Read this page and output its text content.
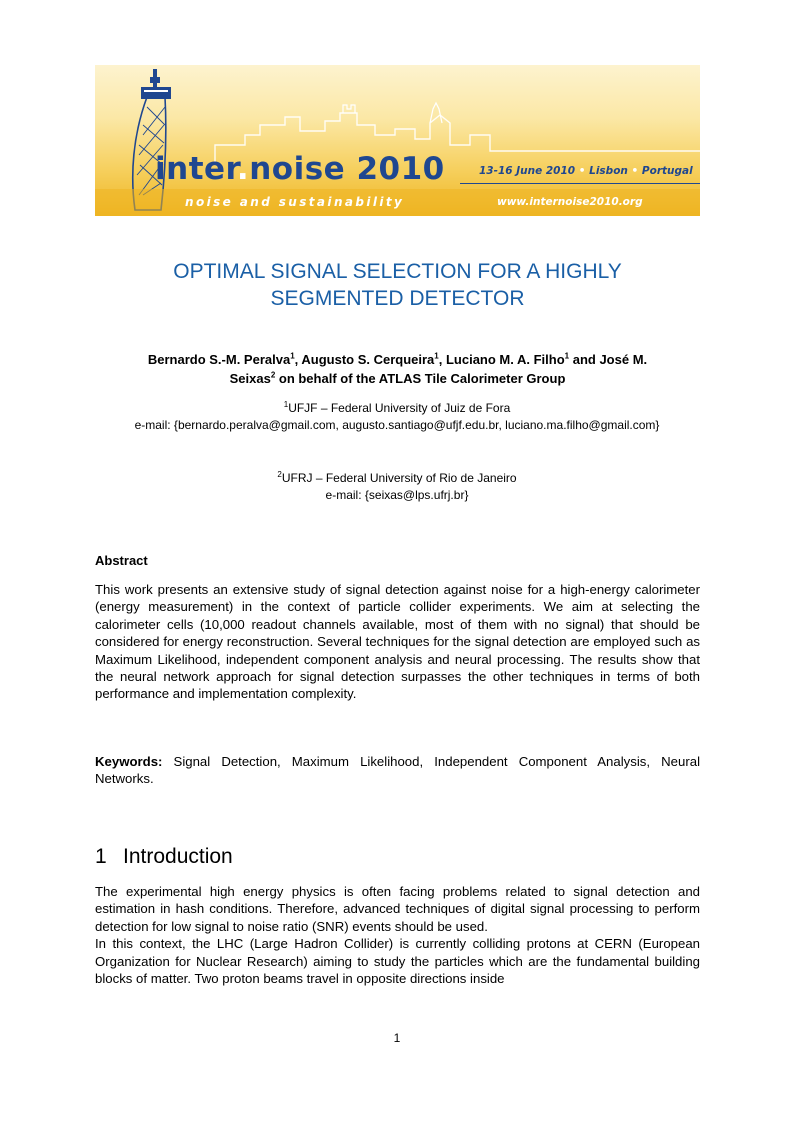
inter.noise 2010	13-16 June 2010 • Lisbon • Portugal
noise and sustainability	www.internoise2010.org
OPTIMAL SIGNAL SELECTION FOR A HIGHLY
SEGMENTED DETECTOR
Bernardo S.-M. Peralva$^1$, Augusto S. Cerqueira$^1$, Luciano M. A. Filho$^1$ and José M.
Seixas$^2$ on behalf of the ATLAS Tile Calorimeter Group
$^1$UFJF – Federal University of Juiz de Fora
e-mail: {bernardo.peralva@gmail.com, augusto.santiago@ufjf.edu.br, luciano.ma.filho@gmail.com}
$^2$UFRJ – Federal University of Rio de Janeiro
e-mail: {seixas@lps.ufrj.br}
Abstract
This work presents an extensive study of signal detection against noise for a high-energy calorimeter (energy measurement) in the context of particle collider experiments. We aim at selecting the calorimeter cells (10,000 readout channels available, most of them with no signal) that should be considered for energy reconstruction. Several techniques for the signal detection are employed such as Maximum Likelihood, independent component analysis and neural processing. The results show that the neural network approach for signal detection surpasses the other techniques in terms of both performance and implementation complexity.
Keywords: Signal Detection, Maximum Likelihood, Independent Component Analysis, Neural Networks.
1 Introduction

The experimental high energy physics is often facing problems related to signal detection and estimation in hash conditions. Therefore, advanced techniques of digital signal processing to perform detection for low signal to noise ratio (SNR) events should be used.

In this context, the LHC (Large Hadron Collider) is currently colliding protons at CERN (European Organization for Nuclear Research) aiming to study the particles which are the fundamental building blocks of matter. Two proton beams travel in opposite directions inside

1
